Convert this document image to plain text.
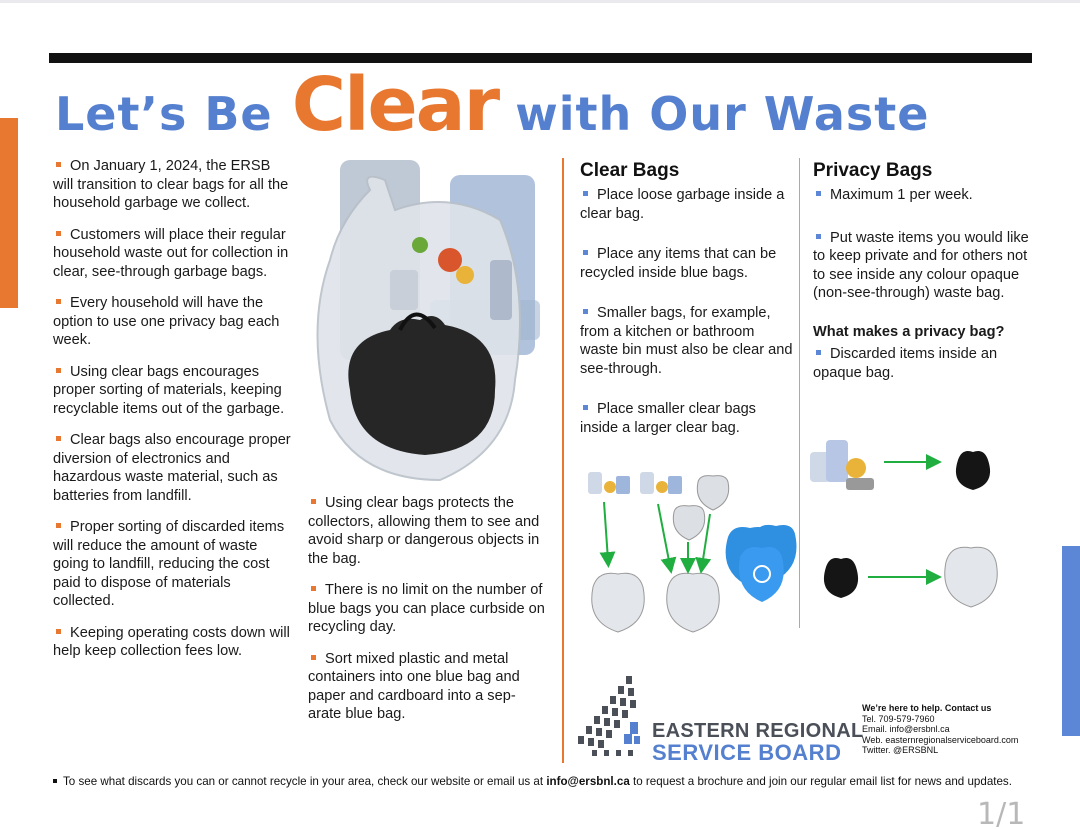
Let’s Be Clear with Our Waste

On January 1, 2024, the ERSB will transition to clear bags for all the household garbage we collect.

Customers will place their regular household waste out for collection in clear, see-through garbage bags.

Every household will have the option to use one privacy bag each week.

Using clear bags encourages proper sorting of materials, keeping recyclable items out of the garbage.

Clear bags also encourage proper diversion of electronics and hazardous waste material, such as batteries from landfill.

Proper sorting of discarded items will reduce the amount of waste going to landfill, reducing the cost paid to dispose of materials collected.

Keeping operating costs down will help keep collection fees low.

Using clear bags protects the collectors, allowing them to see and avoid sharp or dangerous objects in the bag.

There is no limit on the number of blue bags you can place curbside on recycling day.

Sort mixed plastic and metal containers into one blue bag and paper and cardboard into a sep-arate blue bag.

Clear Bags

Place loose garbage inside a clear bag.

Place any items that can be recycled inside blue bags.

Smaller bags, for example, from a kitchen or bathroom waste bin must also be clear and see-through.

Place smaller clear bags inside a larger clear bag.

Privacy Bags

Maximum 1 per week.

Put waste items you would like to keep private and for others not to see inside any colour opaque (non-see-through) waste bag.

What makes a privacy bag?

Discarded items inside an opaque bag.

EASTERN REGIONAL
SERVICE BOARD
We’re here to help. Contact us
Tel. 709-579-7960
Email. info@ersbnl.ca
Web. easternregionalserviceboard.com
Twitter. @ERSBNL
To see what discards you can or cannot recycle in your area, check our website or email us at info@ersbnl.ca to request a brochure and join our regular email list for news and updates.
1/1
